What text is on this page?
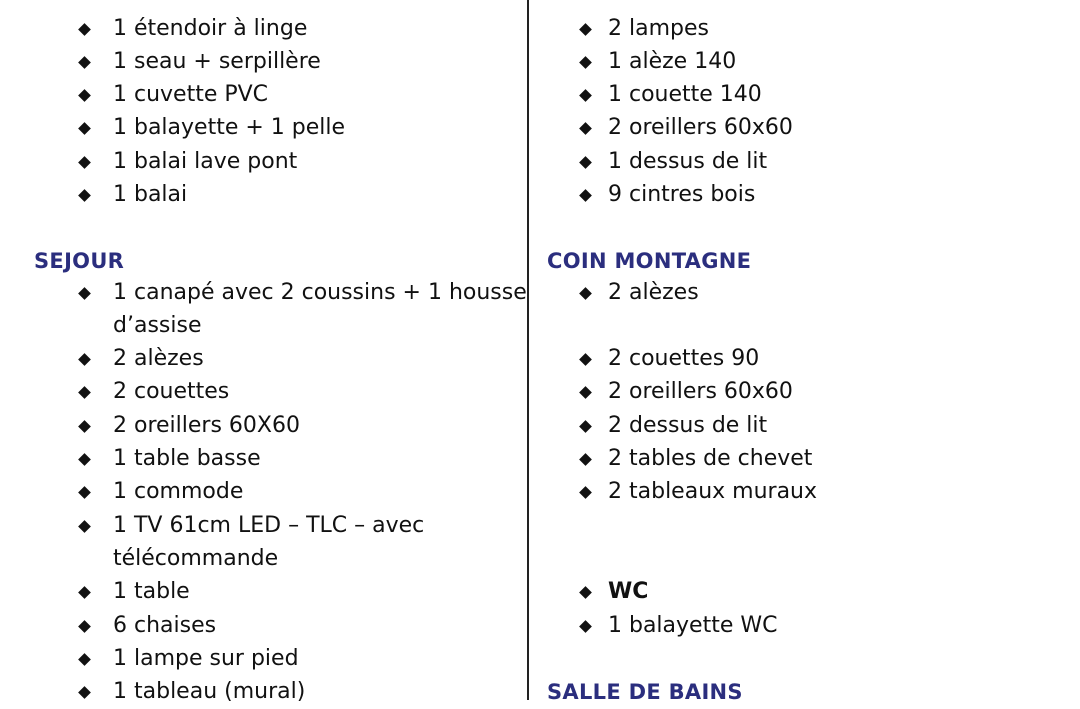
1 étendoir à linge
1 seau + serpillère
1 cuvette PVC
1 balayette + 1 pelle
1 balai lave pont
1 balai
SEJOUR
1 canapé avec 2 coussins + 1 housse
d’assise
2 alèzes
2 couettes
2 oreillers 60X60
1 table basse
1 commode
1 TV 61cm LED – TLC – avec
télécommande
1 table
6 chaises
1 lampe sur pied
1 tableau (mural)
2 lampes
1 alèze 140
1 couette 140
2 oreillers 60x60
1 dessus de lit
9 cintres bois
COIN MONTAGNE
2 alèzes
2 couettes 90
2 oreillers 60x60
2 dessus de lit
2 tables de chevet
2 tableaux muraux
WC
1 balayette WC
SALLE DE BAINS
